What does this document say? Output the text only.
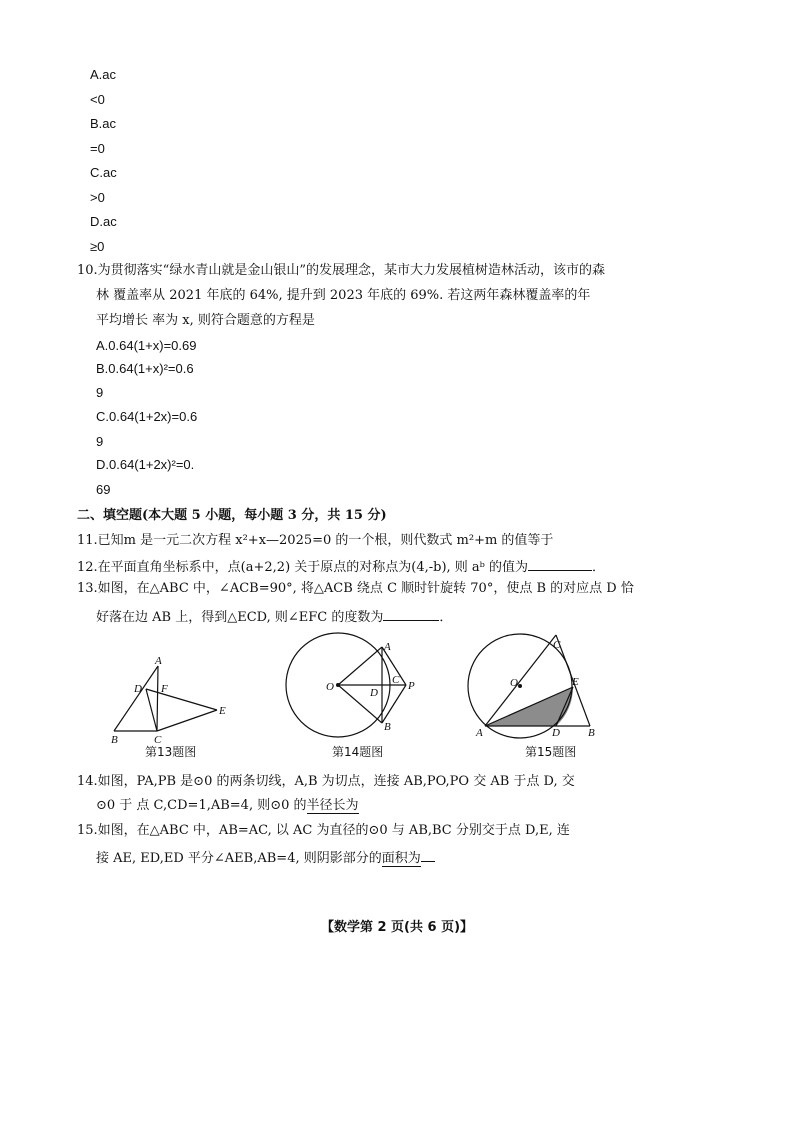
A.ac
<0
B.ac
=0
C.ac
>0
D.ac
≥0
10.为贯彻落实“绿水青山就是金山银山”的发展理念，某市大力发展植树造林活动，该市的森
林 覆盖率从 2021 年底的 64%, 提升到 2023 年底的 69%. 若这两年森林覆盖率的年
平均增长 率为 x, 则符合题意的方程是
A.0.64(1+x)=0.69
B.0.64(1+x)²=0.6
9
C.0.64(1+2x)=0.6
9
D.0.64(1+2x)²=0.
69
二、填空题(本大题 5 小题，每小题 3 分，共 15 分)
11.已知m 是一元二次方程 x²+x—2025=0 的一个根，则代数式 m²+m 的值等于
12.在平面直角坐标系中，点(a+2,2) 关于原点的对称点为(4,-b), 则 aᵇ 的值为	．
13.如图，在△ABC 中，∠ACB=90°, 将△ACB 绕点 C 顺时针旋转 70°，使点 B 的对应点 D 恰
好落在边 AB 上，得到△ECD, 则∠EFC 的度数为	．
A
D F
E
B	C
第13题图
A
O	D
C P
B
第14题图
C
O	E
A	D	B
第15题图
14.如图，PA,PB 是⊙0 的两条切线，A,B 为切点，连接 AB,PO,PO 交 AB 于点 D, 交
⊙0 于 点 C,CD=1,AB=4, 则⊙0 的半径长为
15.如图，在△ABC 中，AB=AC, 以 AC 为直径的⊙0 与 AB,BC 分别交于点 D,E, 连
接 AE, ED,ED 平分∠AEB,AB=4, 则阴影部分的面积为
【数学第 2 页(共 6 页)】
